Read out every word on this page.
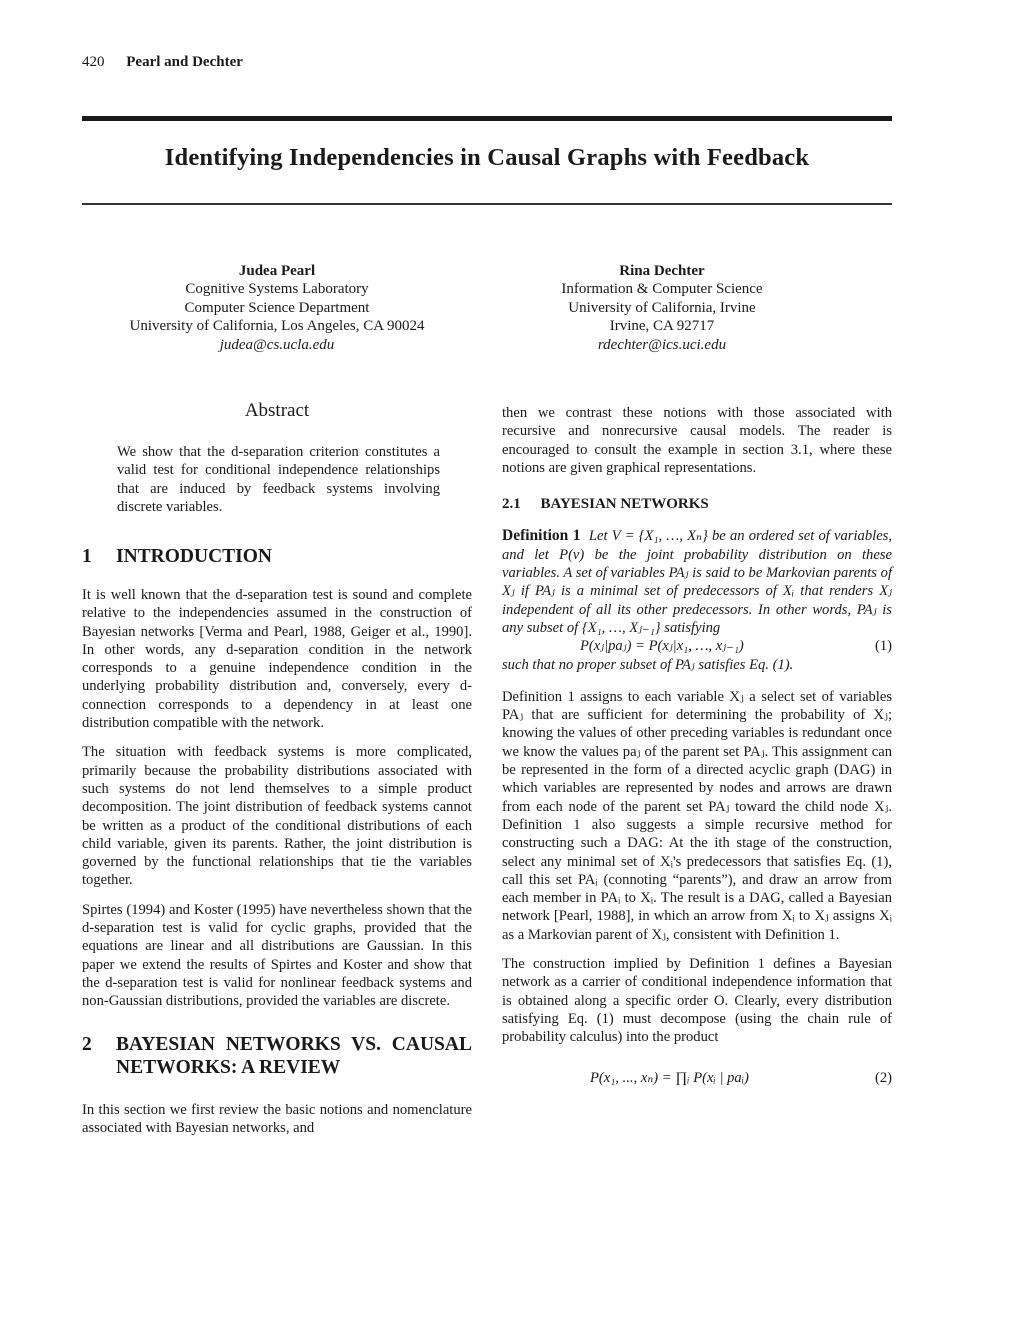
420 Pearl and Dechter
Identifying Independencies in Causal Graphs with Feedback
Judea Pearl
Cognitive Systems Laboratory
Computer Science Department
University of California, Los Angeles, CA 90024
judea@cs.ucla.edu
Rina Dechter
Information & Computer Science
University of California, Irvine
Irvine, CA 92717
rdechter@ics.uci.edu
Abstract
We show that the d-separation criterion constitutes a valid test for conditional independence relationships that are induced by feedback systems involving discrete variables.
1	INTRODUCTION

It is well known that the d-separation test is sound and complete relative to the independencies assumed in the construction of Bayesian networks [Verma and Pearl, 1988, Geiger et al., 1990]. In other words, any d-separation condition in the network corresponds to a genuine independence condition in the underlying probability distribution and, conversely, every d-connection corresponds to a dependency in at least one distribution compatible with the network.

The situation with feedback systems is more complicated, primarily because the probability distributions associated with such systems do not lend themselves to a simple product decomposition. The joint distribution of feedback systems cannot be written as a product of the conditional distributions of each child variable, given its parents. Rather, the joint distribution is governed by the functional relationships that tie the variables together.

Spirtes (1994) and Koster (1995) have nevertheless shown that the d-separation test is valid for cyclic graphs, provided that the equations are linear and all distributions are Gaussian. In this paper we extend the results of Spirtes and Koster and show that the d-separation test is valid for nonlinear feedback systems and non-Gaussian distributions, provided the variables are discrete.

2	BAYESIAN NETWORKS VS. CAUSAL NETWORKS: A REVIEW

In this section we first review the basic notions and nomenclature associated with Bayesian networks, and

then we contrast these notions with those associated with recursive and nonrecursive causal models. The reader is encouraged to consult the example in section 3.1, where these notions are given graphical representations.

2.1 BAYESIAN NETWORKS
Definition 1 Let V = {X₁, …, Xₙ} be an ordered set of variables, and let P(v) be the joint probability distribution on these variables. A set of variables PAⱼ is said to be Markovian parents of Xⱼ if PAⱼ is a minimal set of predecessors of Xᵢ that renders Xⱼ independent of all its other predecessors. In other words, PAⱼ is any subset of {X₁, …, Xⱼ₋₁} satisfying
P(xⱼ|paⱼ) = P(xⱼ|x₁, …, xⱼ₋₁)	(1)
such that no proper subset of PAⱼ satisfies Eq. (1).

Definition 1 assigns to each variable Xⱼ a select set of variables PAⱼ that are sufficient for determining the probability of Xⱼ; knowing the values of other preceding variables is redundant once we know the values paⱼ of the parent set PAⱼ. This assignment can be represented in the form of a directed acyclic graph (DAG) in which variables are represented by nodes and arrows are drawn from each node of the parent set PAⱼ toward the child node Xⱼ. Definition 1 also suggests a simple recursive method for constructing such a DAG: At the ith stage of the construction, select any minimal set of Xᵢ's predecessors that satisfies Eq. (1), call this set PAᵢ (connoting “parents”), and draw an arrow from each member in PAᵢ to Xᵢ. The result is a DAG, called a Bayesian network [Pearl, 1988], in which an arrow from Xᵢ to Xⱼ assigns Xᵢ as a Markovian parent of Xⱼ, consistent with Definition 1.

The construction implied by Definition 1 defines a Bayesian network as a carrier of conditional independence information that is obtained along a specific order O. Clearly, every distribution satisfying Eq. (1) must decompose (using the chain rule of probability calculus) into the product

P(x₁, ..., xₙ) = ∏ᵢ P(xᵢ | paᵢ)	(2)
